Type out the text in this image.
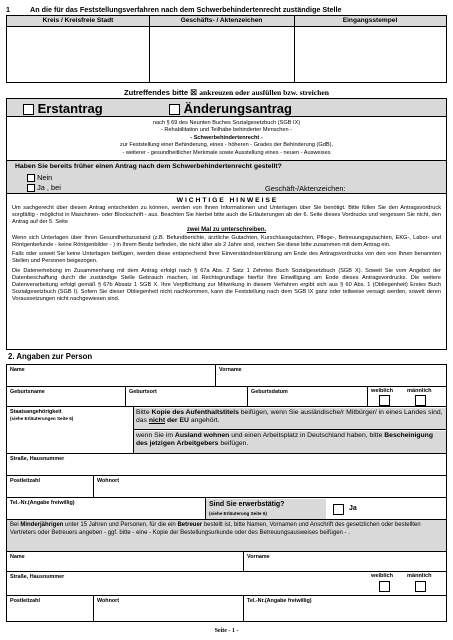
1	An die für das Feststellungsverfahren nach dem Schwerbehindertenrecht zuständige Stelle
Kreis / Kreisfreie Stadt	Geschäfts- / Aktenzeichen	Eingangsstempel
Zutreffendes bitte ☒ ankreuzen oder ausfüllen bzw. streichen
Erstantrag	Änderungsantrag
nach § 69 des Neunten Buches Sozialgesetzbuch (SGB IX)
- Rehabilitation und Teilhabe behinderter Menschen -
- Schwerbehindertenrecht -
zur Feststellung einer Behinderung, eines - höheren - Grades der Behinderung (GdB),
- weiterer - gesundheitlicher Merkmale sowie Ausstellung eines - neuen - Ausweises
Haben Sie bereits früher einen Antrag nach dem Schwerbehindertenrecht gestellt?
Nein
Ja , bei	Geschäft-/Aktenzeichen:
W I C H T I G E   H I N W E I S E
Um sachgerecht über diesen Antrag entscheiden zu können, werden von Ihnen Informationen und Unterlagen über Sie benötigt. Bitte füllen Sie den Antragsvordruck sorgfältig - möglichst in Maschinen- oder Blockschrift - aus. Beachten Sie hierbei bitte auch die Erläuterungen ab der 6. Seite dieses Vordrucks und vergessen Sie nicht, den Antrag auf der 5. Seite
zwei Mal zu unterschreiben.
Wenn sich Unterlagen über Ihren Gesundheitszustand (z.B. Befundberichte, ärztliche Gutachten, Kurschlussgutachten, Pflege-, Betreuungsgutachten, EKG-, Labor- und Röntgenbefunde - keine Röntgenbilder - ) in Ihrem Besitz befinden, die nicht älter als 2 Jahre sind, reichen Sie diese bitte zusammen mit dem Antrag ein.
Falls oder soweit Sie keine Unterlagen beifügen, werden diese entsprechend Ihrer Einverständniserklärung am Ende des Antragsvordrucks von den von Ihnen benannten Stellen und Personen beigezogen.
Die Datenerhebung im Zusammenhang mit dem Antrag erfolgt nach § 67a Abs. 2 Satz 1 Zehntes Buch Sozialgesetzbuch (SGB X). Soweit Sie vom Angebot der Datenbeschaffung durch die zuständige Stelle Gebrauch machen, ist Rechtsgrundlage hierfür Ihre Einwilligung am Ende dieses Antragsvordrucks. Die weitere Datenverarbeitung erfolgt gemäß § 67b Absatz 1 SGB X. Ihre Verpflichtung zur Mitwirkung in diesem Verfahren ergibt sich aus § 60 Abs. 1 (Obliegenheit) Erstes Buch Sozialgesetzbuch (SGB I). Sofern Sie dieser Obliegenheit nicht nachkommen, kann die Feststellung nach dem SGB IX ganz oder teilweise versagt werden, soweit deren Voraussetzungen nicht nachgewiesen sind.
2. Angaben zur Person
Name	Vorname
Geburtsname	Geburtsort	Geburtsdatum	weiblich männlich
Staatsangehörigkeit
(siehe Erläuterungen Seite 6)
Bitte Kopie des Aufenthaltstitels beifügen, wenn Sie ausländische/r Mitbürger/ in eines Landes sind, das nicht der EU angehört.
wenn Sie im Ausland wohnen und einen Arbeitsplatz in Deutschland haben, bitte Bescheinigung des jetzigen Arbeitgebers beifügen.
Straße, Hausnummer
Postleitzahl	Wohnort
Tel.-Nr.(Angabe freiwillig)	Sind Sie erwerbstätig?
(siehe Erläuterung Seite 6)
Ja
Bei Minderjährigen unter 15 Jahren und Personen, für die ein Betreuer bestellt ist, bitte Namen, Vornamen und Anschrift des gesetzlichen oder bestellten Vertreters oder Betreuers angeben - ggf. bitte - eine - Kopie der Bestellungsurkunde oder des Betreuungsausweises beifügen - .
Name	Vorname
Straße, Hausnummer	weiblich männlich
Postleitzahl	Wohnort	Tel.-Nr.(Angabe freiwillig)
Seite - 1 -
